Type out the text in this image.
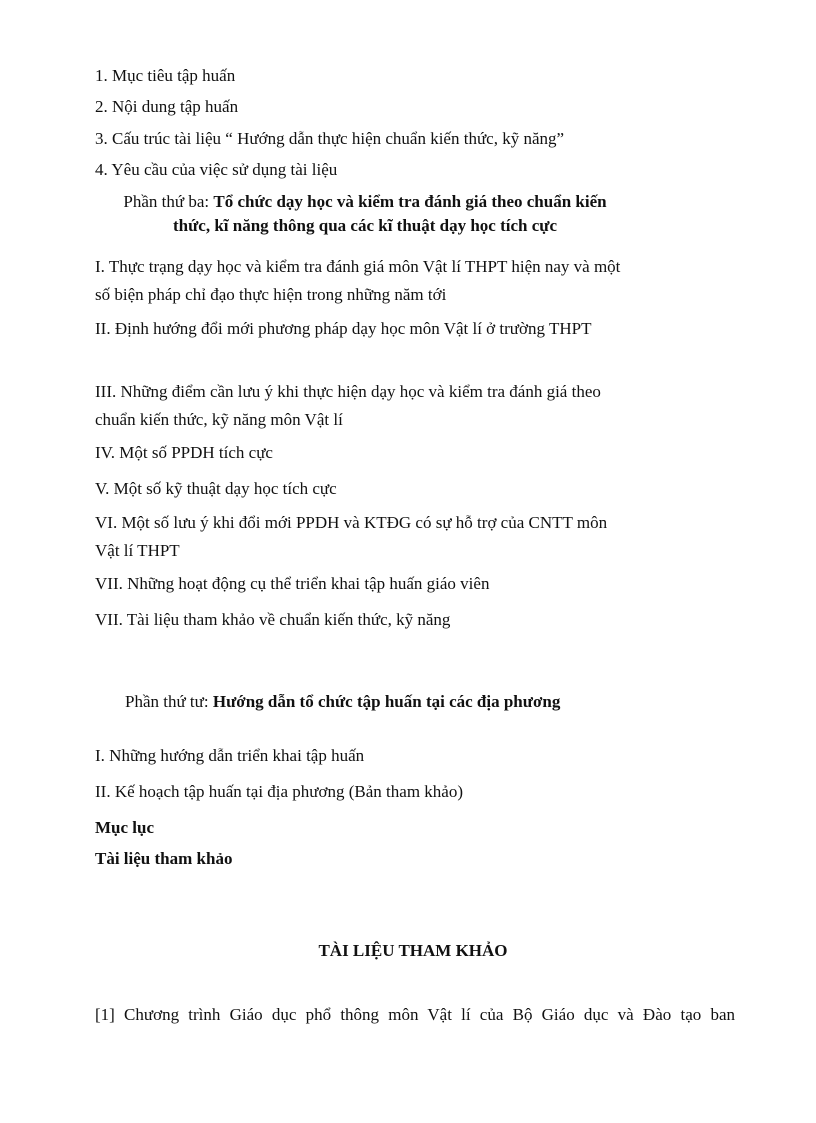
1. Mục tiêu tập huấn
2. Nội dung tập huấn
3. Cấu trúc tài liệu “ Hướng dẫn thực hiện chuẩn kiến thức, kỹ năng”
4. Yêu cầu của việc sử dụng tài liệu
Phần thứ ba: Tổ chức dạy học và kiểm tra đánh giá theo chuẩn kiến
thức, kĩ năng thông qua các kĩ thuật dạy học tích cực
I. Thực trạng dạy học và kiểm tra đánh giá môn Vật lí THPT hiện nay và một số biện pháp chỉ đạo thực hiện trong những năm tới
II. Định hướng đổi mới phương pháp dạy học môn Vật lí ở trường THPT
III. Những điểm cần lưu ý khi thực hiện dạy học và kiểm tra đánh giá theo chuẩn kiến thức, kỹ năng môn Vật lí
IV. Một số PPDH tích cực
V. Một số kỹ thuật dạy học tích cực
VI. Một số lưu ý khi đổi mới PPDH và KTĐG có sự hỗ trợ của CNTT môn Vật lí THPT
VII. Những hoạt động cụ thể triển khai tập huấn giáo viên
VII. Tài liệu tham khảo về chuẩn kiến thức, kỹ năng
Phần thứ tư: Hướng dẫn tổ chức tập huấn tại các địa phương
I. Những hướng dẫn triển khai tập huấn
II. Kế hoạch tập huấn tại địa phương (Bản tham khảo)
Mục lục
Tài liệu tham khảo
TÀI LIỆU THAM KHẢO
[1] Chương trình Giáo dục phổ thông môn Vật lí của Bộ Giáo dục và Đào tạo ban
